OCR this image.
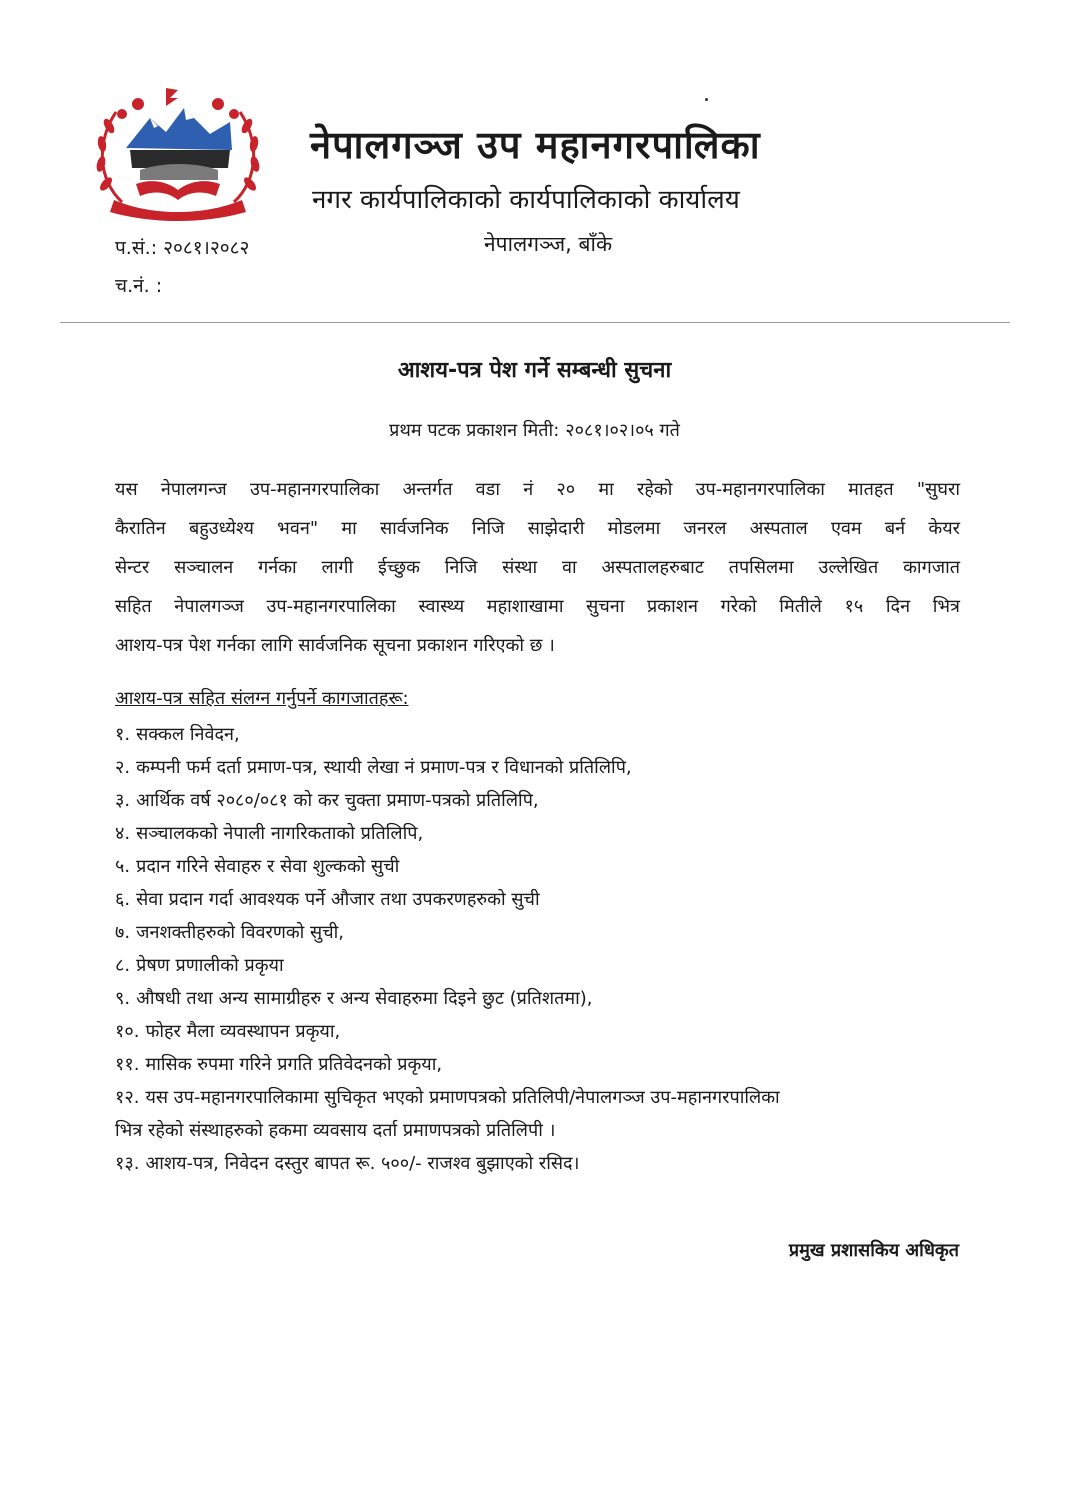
नेपालगञ्ज उप महानगरपालिका
नगर कार्यपालिकाको कार्यपालिकाको कार्यालय
नेपालगञ्ज, बाँके
प.सं.: २०८१।२०८२
च.नं. :
आशय-पत्र पेश गर्ने सम्बन्धी सुचना
प्रथम पटक प्रकाशन मिती: २०८१।०२।०५ गते
यस नेपालगन्ज उप-महानगरपालिका अन्तर्गत वडा नं २० मा रहेको उप-महानगरपालिका मातहत "सुघरा
कैरातिन बहुउध्येश्य भवन" मा सार्वजनिक निजि साझेदारी मोडलमा जनरल अस्पताल एवम बर्न केयर
सेन्टर सञ्चालन गर्नका लागी ईच्छुक निजि संस्था वा अस्पतालहरुबाट तपसिलमा उल्लेखित कागजात
सहित नेपालगञ्ज उप-महानगरपालिका स्वास्थ्य महाशाखामा सुचना प्रकाशन गरेको मितीले १५ दिन भित्र
आशय-पत्र पेश गर्नका लागि सार्वजनिक सूचना प्रकाशन गरिएको छ ।
आशय-पत्र सहित संलग्न गर्नुपर्ने कागजातहरू:
१. सक्कल निवेदन,
२. कम्पनी फर्म दर्ता प्रमाण-पत्र, स्थायी लेखा नं प्रमाण-पत्र र विधानको प्रतिलिपि,
३. आर्थिक वर्ष २०८०/०८१ को कर चुक्ता प्रमाण-पत्रको प्रतिलिपि,
४. सञ्चालकको नेपाली नागरिकताको प्रतिलिपि,
५. प्रदान गरिने सेवाहरु र सेवा शुल्कको सुची
६. सेवा प्रदान गर्दा आवश्यक पर्ने औजार तथा उपकरणहरुको सुची
७. जनशक्तीहरुको विवरणको सुची,
८. प्रेषण प्रणालीको प्रकृया
९. औषधी तथा अन्य सामाग्रीहरु र अन्य सेवाहरुमा दिइने छुट (प्रतिशतमा),
१०. फोहर मैला व्यवस्थापन प्रकृया,
११. मासिक रुपमा गरिने प्रगति प्रतिवेदनको प्रकृया,
१२. यस उप-महानगरपालिकामा सुचिकृत भएको प्रमाणपत्रको प्रतिलिपी/नेपालगञ्ज उप-महानगरपालिका
भित्र रहेको संस्थाहरुको हकमा व्यवसाय दर्ता प्रमाणपत्रको प्रतिलिपी ।
१३. आशय-पत्र, निवेदन दस्तुर बापत रू. ५००/- राजश्व बुझाएको रसिद।
प्रमुख प्रशासकिय अधिकृत
